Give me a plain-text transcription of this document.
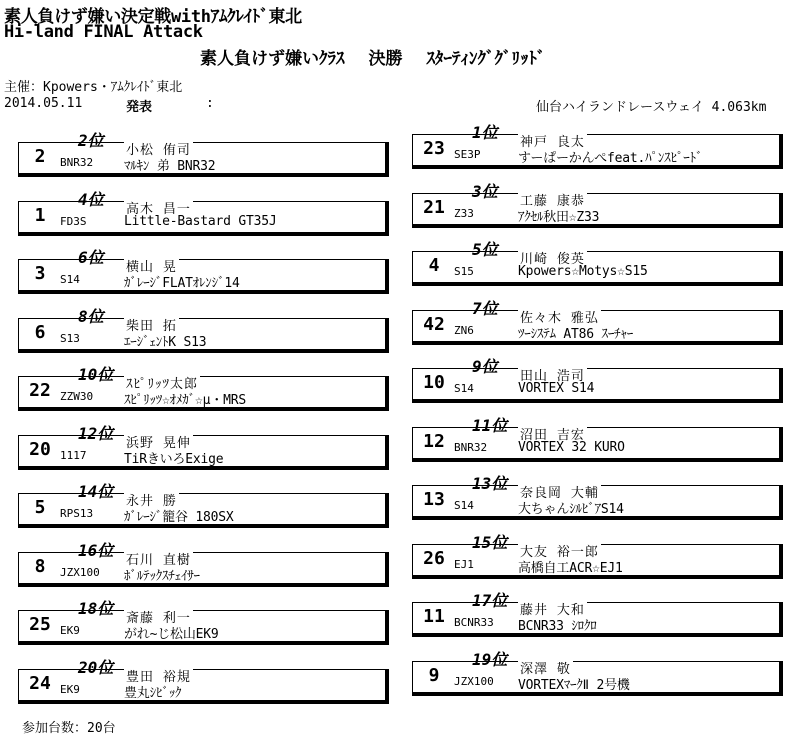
素人負けず嫌い決定戦withｱﾑｸﾚｲﾄﾞ東北
Hi-land FINAL Attack
素人負けず嫌いｸﾗｽ 決勝 ｽﾀｰﾃｨﾝｸﾞｸﾞﾘｯﾄﾞ
主催：Kpowers・ｱﾑｸﾚｲﾄﾞ東北
2014.05.11	発表	:	仙台ハイランドレースウェイ 4.063km
2位
2	BNR32
小松 侑司
ﾏﾙｷﾝ 弟 BNR32
4位
1	FD3S
高木 昌一
Little-Bastard GT35J
6位
3	S14
横山 晃
ｶﾞﾚｰｼﾞFLATｵﾚﾝｼﾞ14
8位
6	S13
柴田 拓
ｴｰｼﾞｪﾝﾄK S13
10位
22 ZZW30
ｽﾋﾟﾘｯﾂ太郎
ｽﾋﾟﾘｯﾂ☆ｵﾒｶﾞ☆μ・MRS
12位
20 1117
浜野 晃伸
TiRきいろExige
14位
5	RPS13
永井 勝
ｶﾞﾚｰｼﾞ籠谷 180SX
16位
8	JZX100
石川 直樹
ﾎﾞﾙﾃｯｸｽﾁｪｲｻｰ
18位
25 EK9
斎藤 利一
がれ~じ松山EK9
20位
24 EK9
豊田 裕規
豊丸ｼﾋﾞｯｸ
1位
23 SE3P
神戸 良太
すーぱーかんぺfeat.ﾊﾟﾝｽﾋﾟｰﾄﾞ
3位
21 Z33
工藤 康恭
ｱｸｾﾙ秋田☆Z33
5位
4	S15
川崎 俊英
Kpowers☆Motys☆S15
7位
42 ZN6
佐々木 雅弘
ﾂｰｼｽﾃﾑ AT86 ｽｰﾁｬｰ
9位
10 S14
田山 浩司
VORTEX S14
11位
12 BNR32
沼田 吉宏
VORTEX 32 KURO
13位
13 S14
奈良岡 大輔
大ちゃんｼﾙﾋﾞｱS14
15位
26 EJ1
大友 裕一郎
高橋自工ACR☆EJ1
17位
11 BCNR33
藤井 大和
BCNR33 ｼﾛｸﾛ
19位
9	JZX100
深澤 敬
VORTEXﾏｰｸⅡ 2号機
参加台数：20台
